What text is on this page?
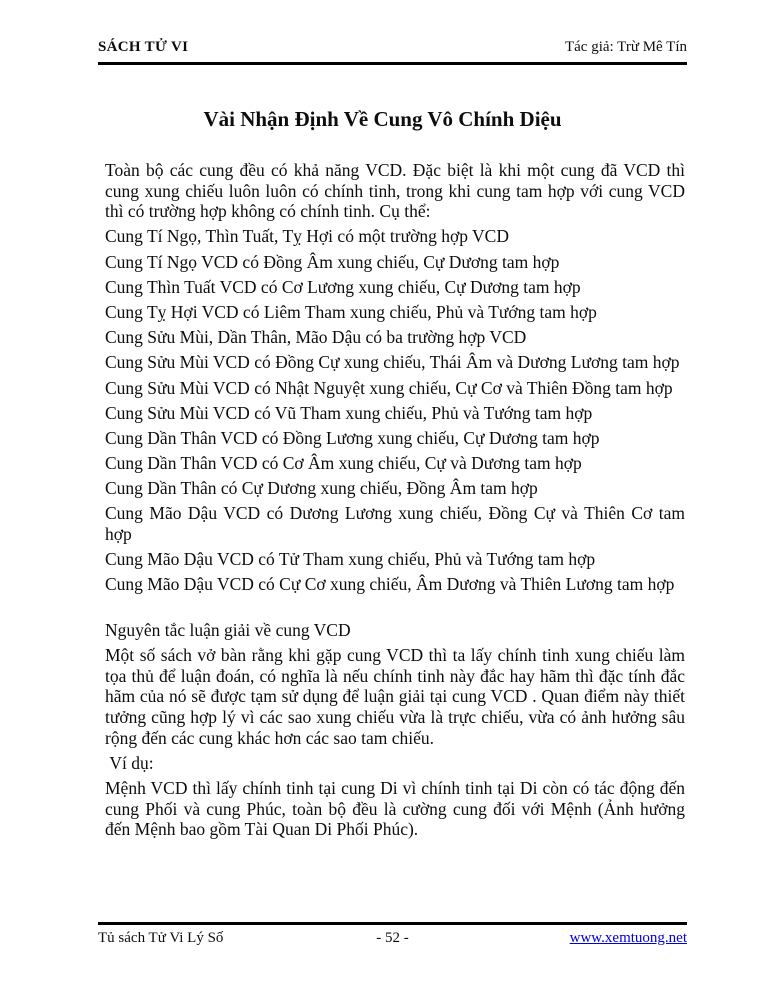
SÁCH TỬ VI	Tác giả: Trừ Mê Tín
Vài Nhận Định Về Cung Vô Chính Diệu

Toàn bộ các cung đều có khả năng VCD. Đặc biệt là khi một cung đã VCD thì cung xung chiếu luôn luôn có chính tinh, trong khi cung tam hợp với cung VCD thì có trường hợp không có chính tinh. Cụ thể:

Cung Tí Ngọ, Thìn Tuất, Tỵ Hợi có một trường hợp VCD

Cung Tí Ngọ VCD có Đồng Âm xung chiếu, Cự Dương tam hợp

Cung Thìn Tuất VCD có Cơ Lương xung chiếu, Cự Dương tam hợp

Cung Tỵ Hợi VCD có Liêm Tham xung chiếu, Phủ và Tướng tam hợp

Cung Sửu Mùi, Dần Thân, Mão Dậu có ba trường hợp VCD

Cung Sửu Mùi VCD có Đồng Cự xung chiếu, Thái Âm và Dương Lương tam hợp

Cung Sửu Mùi VCD có Nhật Nguyệt xung chiếu, Cự Cơ và Thiên Đồng tam hợp

Cung Sửu Mùi VCD có Vũ Tham xung chiếu, Phủ và Tướng tam hợp

Cung Dần Thân VCD có Đồng Lương xung chiếu, Cự Dương tam hợp

Cung Dần Thân VCD có Cơ Âm xung chiếu, Cự và Dương tam hợp

Cung Dần Thân có Cự Dương xung chiếu, Đồng Âm tam hợp

Cung Mão Dậu VCD có Dương Lương xung chiếu, Đồng Cự và Thiên Cơ tam hợp

Cung Mão Dậu VCD có Tử Tham xung chiếu, Phủ và Tướng tam hợp

Cung Mão Dậu VCD có Cự Cơ xung chiếu, Âm Dương và Thiên Lương tam hợp

Nguyên tắc luận giải về cung VCD

Một số sách vở bàn rằng khi gặp cung VCD thì ta lấy chính tinh xung chiếu làm tọa thủ để luận đoán, có nghĩa là nếu chính tinh này đắc hay hãm thì đặc tính đắc hãm của nó sẽ được tạm sử dụng để luận giải tại cung VCD . Quan điểm này thiết tưởng cũng hợp lý vì các sao xung chiếu vừa là trực chiếu, vừa có ảnh hưởng sâu rộng đến các cung khác hơn các sao tam chiếu.

Ví dụ:

Mệnh VCD thì lấy chính tinh tại cung Di vì chính tinh tại Di còn có tác động đến cung Phối và cung Phúc, toàn bộ đều là cường cung đối với Mệnh (Ảnh hưởng đến Mệnh bao gồm Tài Quan Di Phối Phúc).

Tủ sách Tử Vi Lý Số	- 52 -	www.xemtuong.net
